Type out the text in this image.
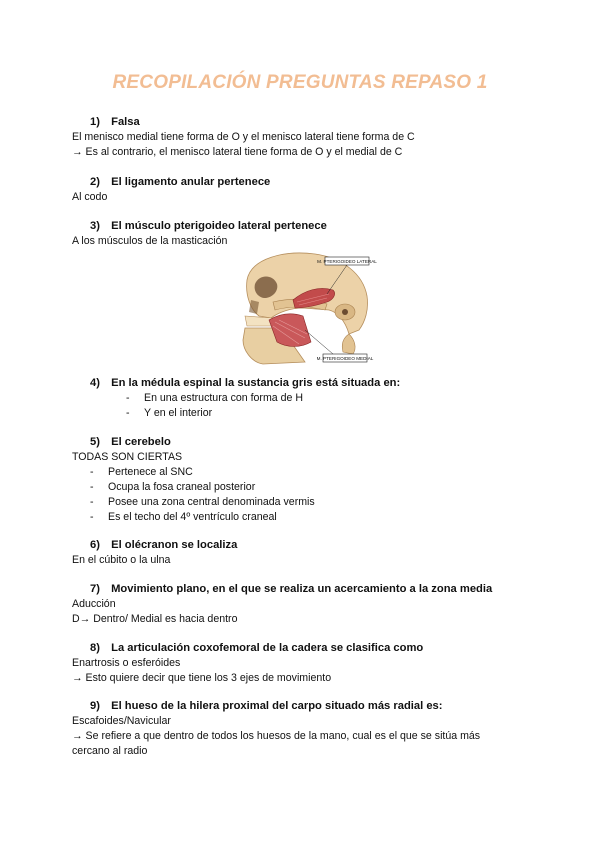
RECOPILACIÓN PREGUNTAS REPASO 1
1) Falsa
El menisco medial tiene forma de O y el menisco lateral tiene forma de C
→ Es al contrario, el menisco lateral tiene forma de O y el medial de C
2) El ligamento anular pertenece
Al codo
3) El músculo pterigoideo lateral pertenece
A los músculos de la masticación
M. PTERIGOIDEO LATERAL
M. PTERIGOIDEO MEDIAL
4) En la médula espinal la sustancia gris está situada en:
- En una estructura con forma de H
- Y en el interior
5) El cerebelo
TODAS SON CIERTAS
- Pertenece al SNC
- Ocupa la fosa craneal posterior
- Posee una zona central denominada vermis
- Es el techo del 4º ventrículo craneal
6) El olécranon se localiza
En el cúbito o la ulna
7) Movimiento plano, en el que se realiza un acercamiento a la zona media
Aducción
D→ Dentro/ Medial es hacia dentro
8) La articulación coxofemoral de la cadera se clasifica como
Enartrosis o esferóides
→ Esto quiere decir que tiene los 3 ejes de movimiento
9) El hueso de la hilera proximal del carpo situado más radial es:
Escafoides/Navicular
→ Se refiere a que dentro de todos los huesos de la mano, cual es el que se sitúa más
cercano al radio
